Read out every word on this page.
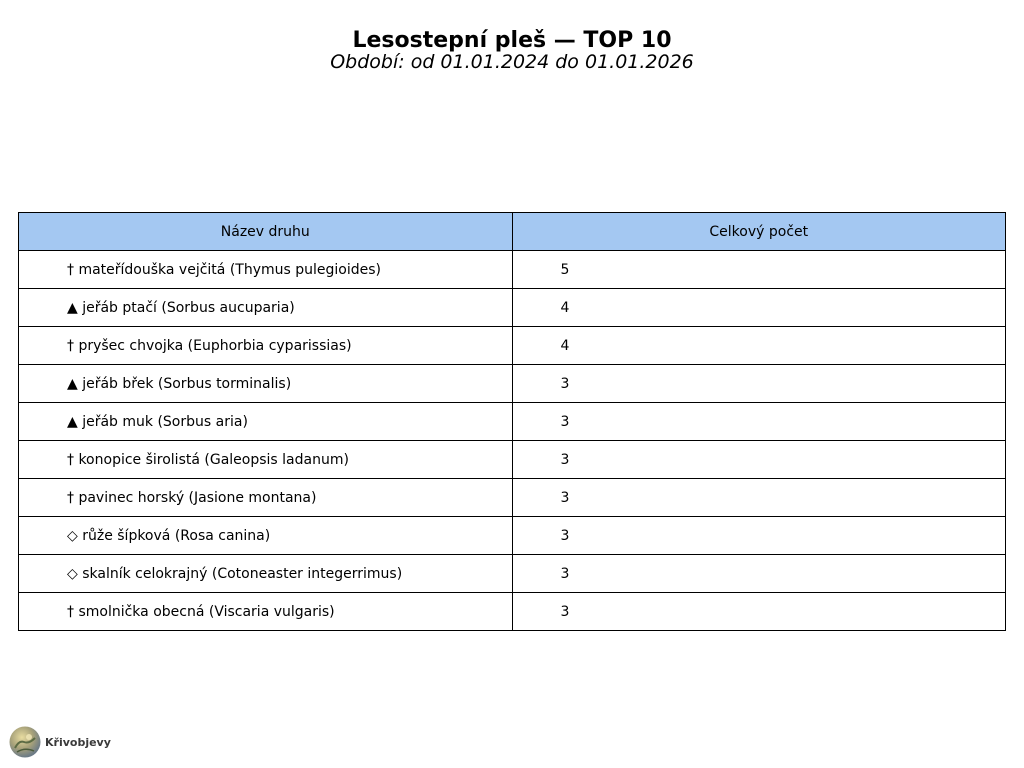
Lesostepní pleš — TOP 10
Období: od 01.01.2024 do 01.01.2026
Název druhu	Celkový počet
† mateřídouška vejčitá (Thymus pulegioides)	5
▲ jeřáb ptačí (Sorbus aucuparia)	4
† pryšec chvojka (Euphorbia cyparissias)	4
▲ jeřáb břek (Sorbus torminalis)	3
▲ jeřáb muk (Sorbus aria)	3
† konopice širolistá (Galeopsis ladanum)	3
† pavinec horský (Jasione montana)	3
◇ růže šípková (Rosa canina)	3
◇ skalník celokrajný (Cotoneaster integerrimus)	3
† smolnička obecná (Viscaria vulgaris)	3
Křivobjevy
